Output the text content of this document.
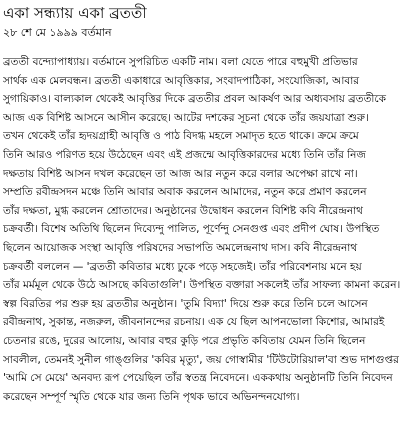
একা সন্ধ্যায় একা ব্রততী
২৮ শে মে ১৯৯৯ বর্তমান

ব্রততী বন্দ্যোপাধ্যায়। বর্তমানে সুপরিচিত একটি নাম। বলা যেতে পারে বহুমুখী প্রতিভার

সার্থক এক মেলবন্ধন। ব্রততী একাধারে আবৃত্তিকার, সংবাদপাঠিকা, সংযোজিকা, আবার

সুগায়িকাও। বাল্যকাল থেকেই আবৃত্তির দিকে ব্রততীর প্রবল আকর্ষণ আর অধ্যবসায় ব্রততীকে

আজ এক বিশিষ্ট আসনে আসীন করেছে। আটের দশকের সূচনা থেকে তাঁর জয়যাত্রা শুরু।

তখন থেকেই তাঁর হৃদয়গ্রাহী আবৃত্তি ও পাঠ বিদগ্ধ মহলে সমাদৃত হতে থাকে। ক্রমে ক্রমে

তিনি আরও পরিণত হয়ে উঠেছেন এবং এই প্রজন্মে আবৃত্তিকারদের মধ্যে তিনি তাঁর নিজ

দক্ষতায় বিশিষ্ট আসন দখল করেছেন তা আজ আর নতুন করে বলার অপেক্ষা রাখে না।

সম্প্রতি রবীন্দ্রসদন মঞ্চে তিনি আবার অবাক করলেন আমাদের, নতুন করে প্রমাণ করলেন

তাঁর দক্ষতা, মুগ্ধ করলেন শ্রোতাদের। অনুষ্ঠানের উদ্বোধন করলেন বিশিষ্ট কবি নীরেন্দ্রনাথ

চক্রবর্তী। বিশেষ অতিথি ছিলেন দিব্যেন্দু পালিত, পূর্ণেন্দু সেনগুপ্ত এবং প্রদীপ ঘোষ। উপস্থিত

ছিলেন আয়োজক সংস্থা আবৃত্তি পরিষদের সভাপতি অমলেন্দ্রনাথ দাস। কবি নীরেন্দ্রনাথ

চক্রবর্তী বললেন — 'ব্রততী কবিতার মধ্যে ঢুকে পড়ে সহজেই। তাঁর পরিবেশনায় মনে হয়

তাঁর মর্মমূল থেকে উঠে আসছে কবিতাগুলি'। উপস্থিত বক্তারা সকলেই তাঁর সাফল্য কামনা করেন।

স্বল্প বিরতির পর শুরু হয় ব্রততীর অনুষ্ঠান। 'তুমি বিদ্যা' দিয়ে শুরু করে তিনি চলে আসেন

রবীন্দ্রনাথ, সুকান্ত, নজরুল, জীবনানন্দের রচনায়। এক যে ছিল আপনভোলা কিশোর, আমারই

চেতনার রঙে, দুরের আলোয়, আবার বহুর কুড়ি পরে প্রভৃতি কবিতায় যেমন তিনি ছিলেন

সাবলীল, তেমনই সুনীল গাঙ্গুলির 'কবির মৃত্যু', জয় গোস্বামীর 'টিউটোরিয়াল'বা শুভ দাশগুপ্তর

'আমি সে মেয়ে' অনবদ্য রূপ পেয়েছিল তাঁর স্বতন্ত্র নিবেদনে। এককথায় অনুষ্ঠানটি তিনি নিবেদন

করেছেন সম্পূর্ণ স্মৃতি থেকে যার জন্য তিনি পৃথক ভাবে অভিনন্দনযোগ্য।
